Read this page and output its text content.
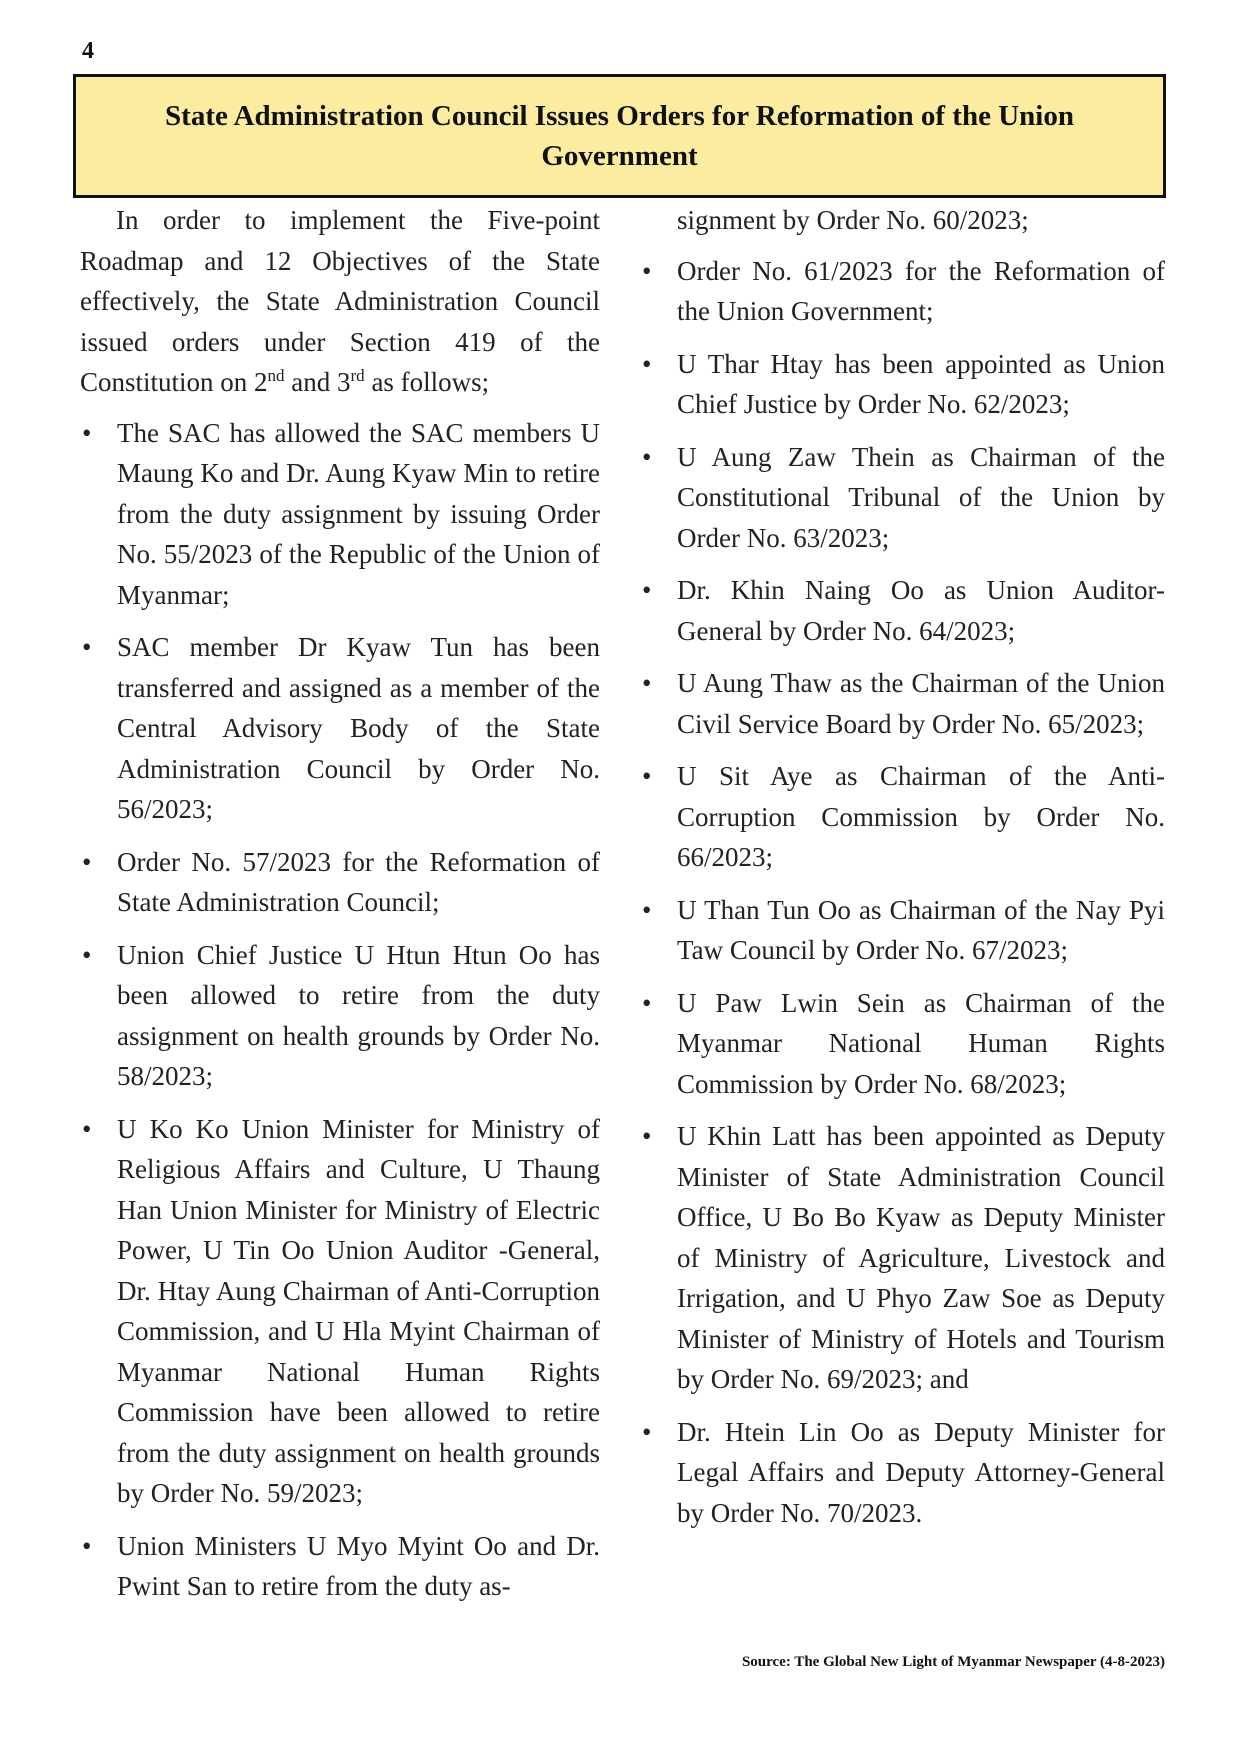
4
State Administration Council Issues Orders for Reformation of the Union Government

In order to implement the Five-point Roadmap and 12 Objectives of the State effectively, the State Administration Council issued orders under Section 419 of the Constitution on 2nd and 3rd as follows;

• The SAC has allowed the SAC members U Maung Ko and Dr. Aung Kyaw Min to retire from the duty assignment by issuing Order No. 55/2023 of the Republic of the Union of Myanmar;
• SAC member Dr Kyaw Tun has been transferred and assigned as a member of the Central Advisory Body of the State Administration Council by Order No. 56/2023;
• Order No. 57/2023 for the Reformation of State Administration Council;
• Union Chief Justice U Htun Htun Oo has been allowed to retire from the duty assignment on health grounds by Order No. 58/2023;
• U Ko Ko Union Minister for Ministry of Religious Affairs and Culture, U Thaung Han Union Minister for Ministry of Electric Power, U Tin Oo Union Auditor -General, Dr. Htay Aung Chairman of Anti-Corruption Commission, and U Hla Myint Chairman of Myanmar National Human Rights Commission have been allowed to retire from the duty assignment on health grounds by Order No. 59/2023;
• Union Ministers U Myo Myint Oo and Dr. Pwint San to retire from the duty as-

signment by Order No. 60/2023;

• Order No. 61/2023 for the Reformation of the Union Government;
• U Thar Htay has been appointed as Union Chief Justice by Order No. 62/2023;
• U Aung Zaw Thein as Chairman of the Constitutional Tribunal of the Union by Order No. 63/2023;
• Dr. Khin Naing Oo as Union Auditor-General by Order No. 64/2023;
• U Aung Thaw as the Chairman of the Union Civil Service Board by Order No. 65/2023;
• U Sit Aye as Chairman of the Anti-Corruption Commission by Order No. 66/2023;
• U Than Tun Oo as Chairman of the Nay Pyi Taw Council by Order No. 67/2023;
• U Paw Lwin Sein as Chairman of the Myanmar National Human Rights Commission by Order No. 68/2023;
• U Khin Latt has been appointed as Deputy Minister of State Administration Council Office, U Bo Bo Kyaw as Deputy Minister of Ministry of Agriculture, Livestock and Irrigation, and U Phyo Zaw Soe as Deputy Minister of Ministry of Hotels and Tourism by Order No. 69/2023; and
• Dr. Htein Lin Oo as Deputy Minister for Legal Affairs and Deputy Attorney-General by Order No. 70/2023.
Source: The Global New Light of Myanmar Newspaper (4-8-2023)
